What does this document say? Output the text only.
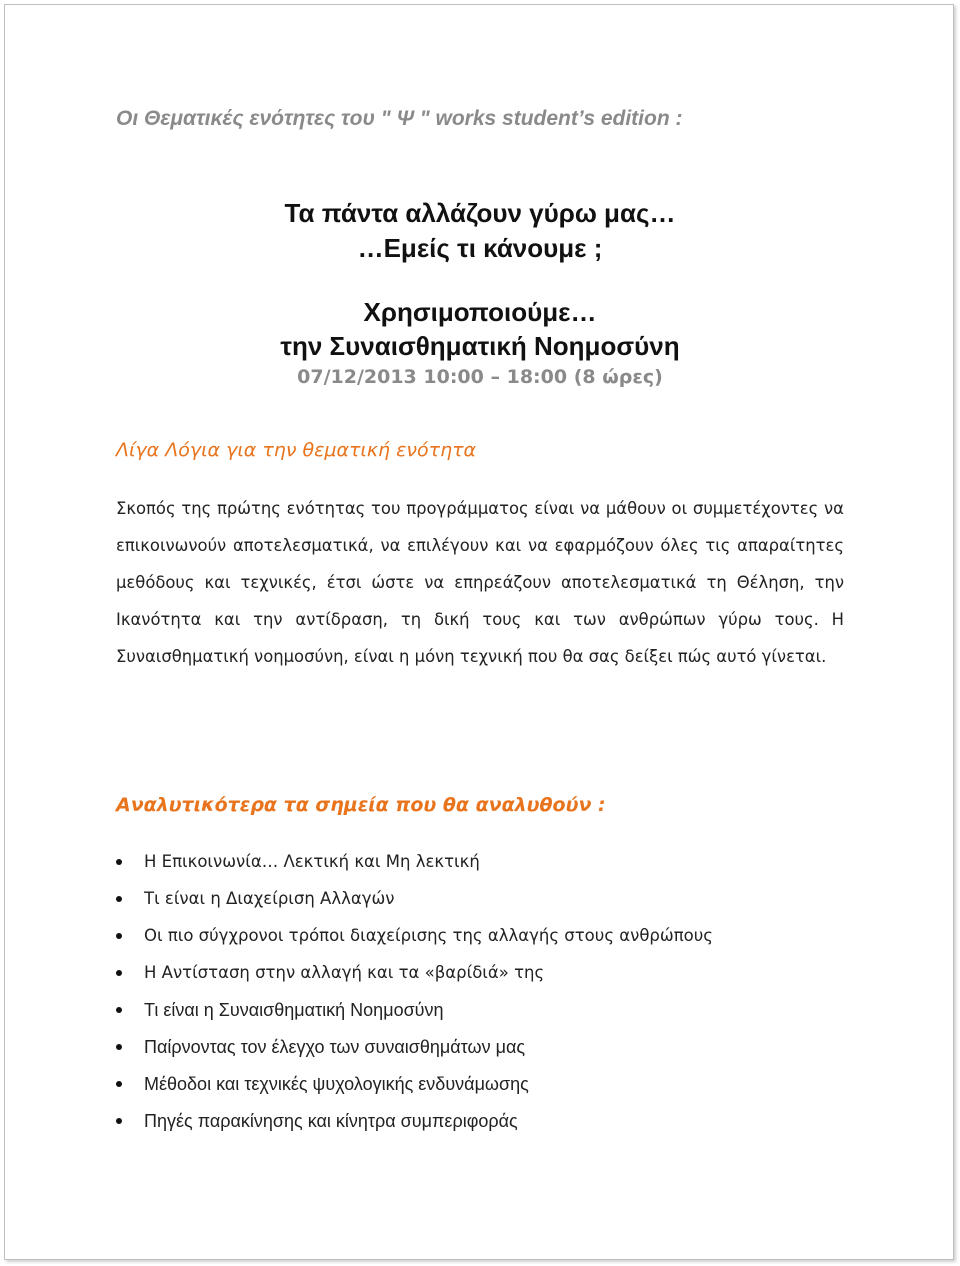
Οι Θεματικές ενότητες του " Ψ " works student’s edition :
Τα πάντα αλλάζουν γύρω μας…
…Εμείς τι κάνουμε ;
Χρησιμοποιούμε…
την Συναισθηματική Νοημοσύνη
07/12/2013 10:00 – 18:00 (8 ώρες)
Λίγα Λόγια για την θεματική ενότητα
Σκοπός της πρώτης ενότητας του προγράμματος είναι να μάθουν οι συμμετέχοντες να επικοινωνούν αποτελεσματικά, να επιλέγουν και να εφαρμόζουν όλες τις απαραίτητες μεθόδους και τεχνικές, έτσι ώστε να επηρεάζουν αποτελεσματικά τη Θέληση, την Ικανότητα και την αντίδραση, τη δική τους και των ανθρώπων γύρω τους. Η Συναισθηματική νοημοσύνη, είναι η μόνη τεχνική που θα σας δείξει πώς αυτό γίνεται.
Αναλυτικότερα τα σημεία που θα αναλυθούν :
Η Επικοινωνία… Λεκτική και Μη λεκτική
Τι είναι η Διαχείριση Αλλαγών
Οι πιο σύγχρονοι τρόποι διαχείρισης της αλλαγής στους ανθρώπους
Η Αντίσταση στην αλλαγή και τα «βαρίδιά» της
Τι είναι η Συναισθηματική Νοημοσύνη
Παίρνοντας τον έλεγχο των συναισθημάτων μας
Μέθοδοι και τεχνικές ψυχολογικής ενδυνάμωσης
Πηγές παρακίνησης και κίνητρα συμπεριφοράς
